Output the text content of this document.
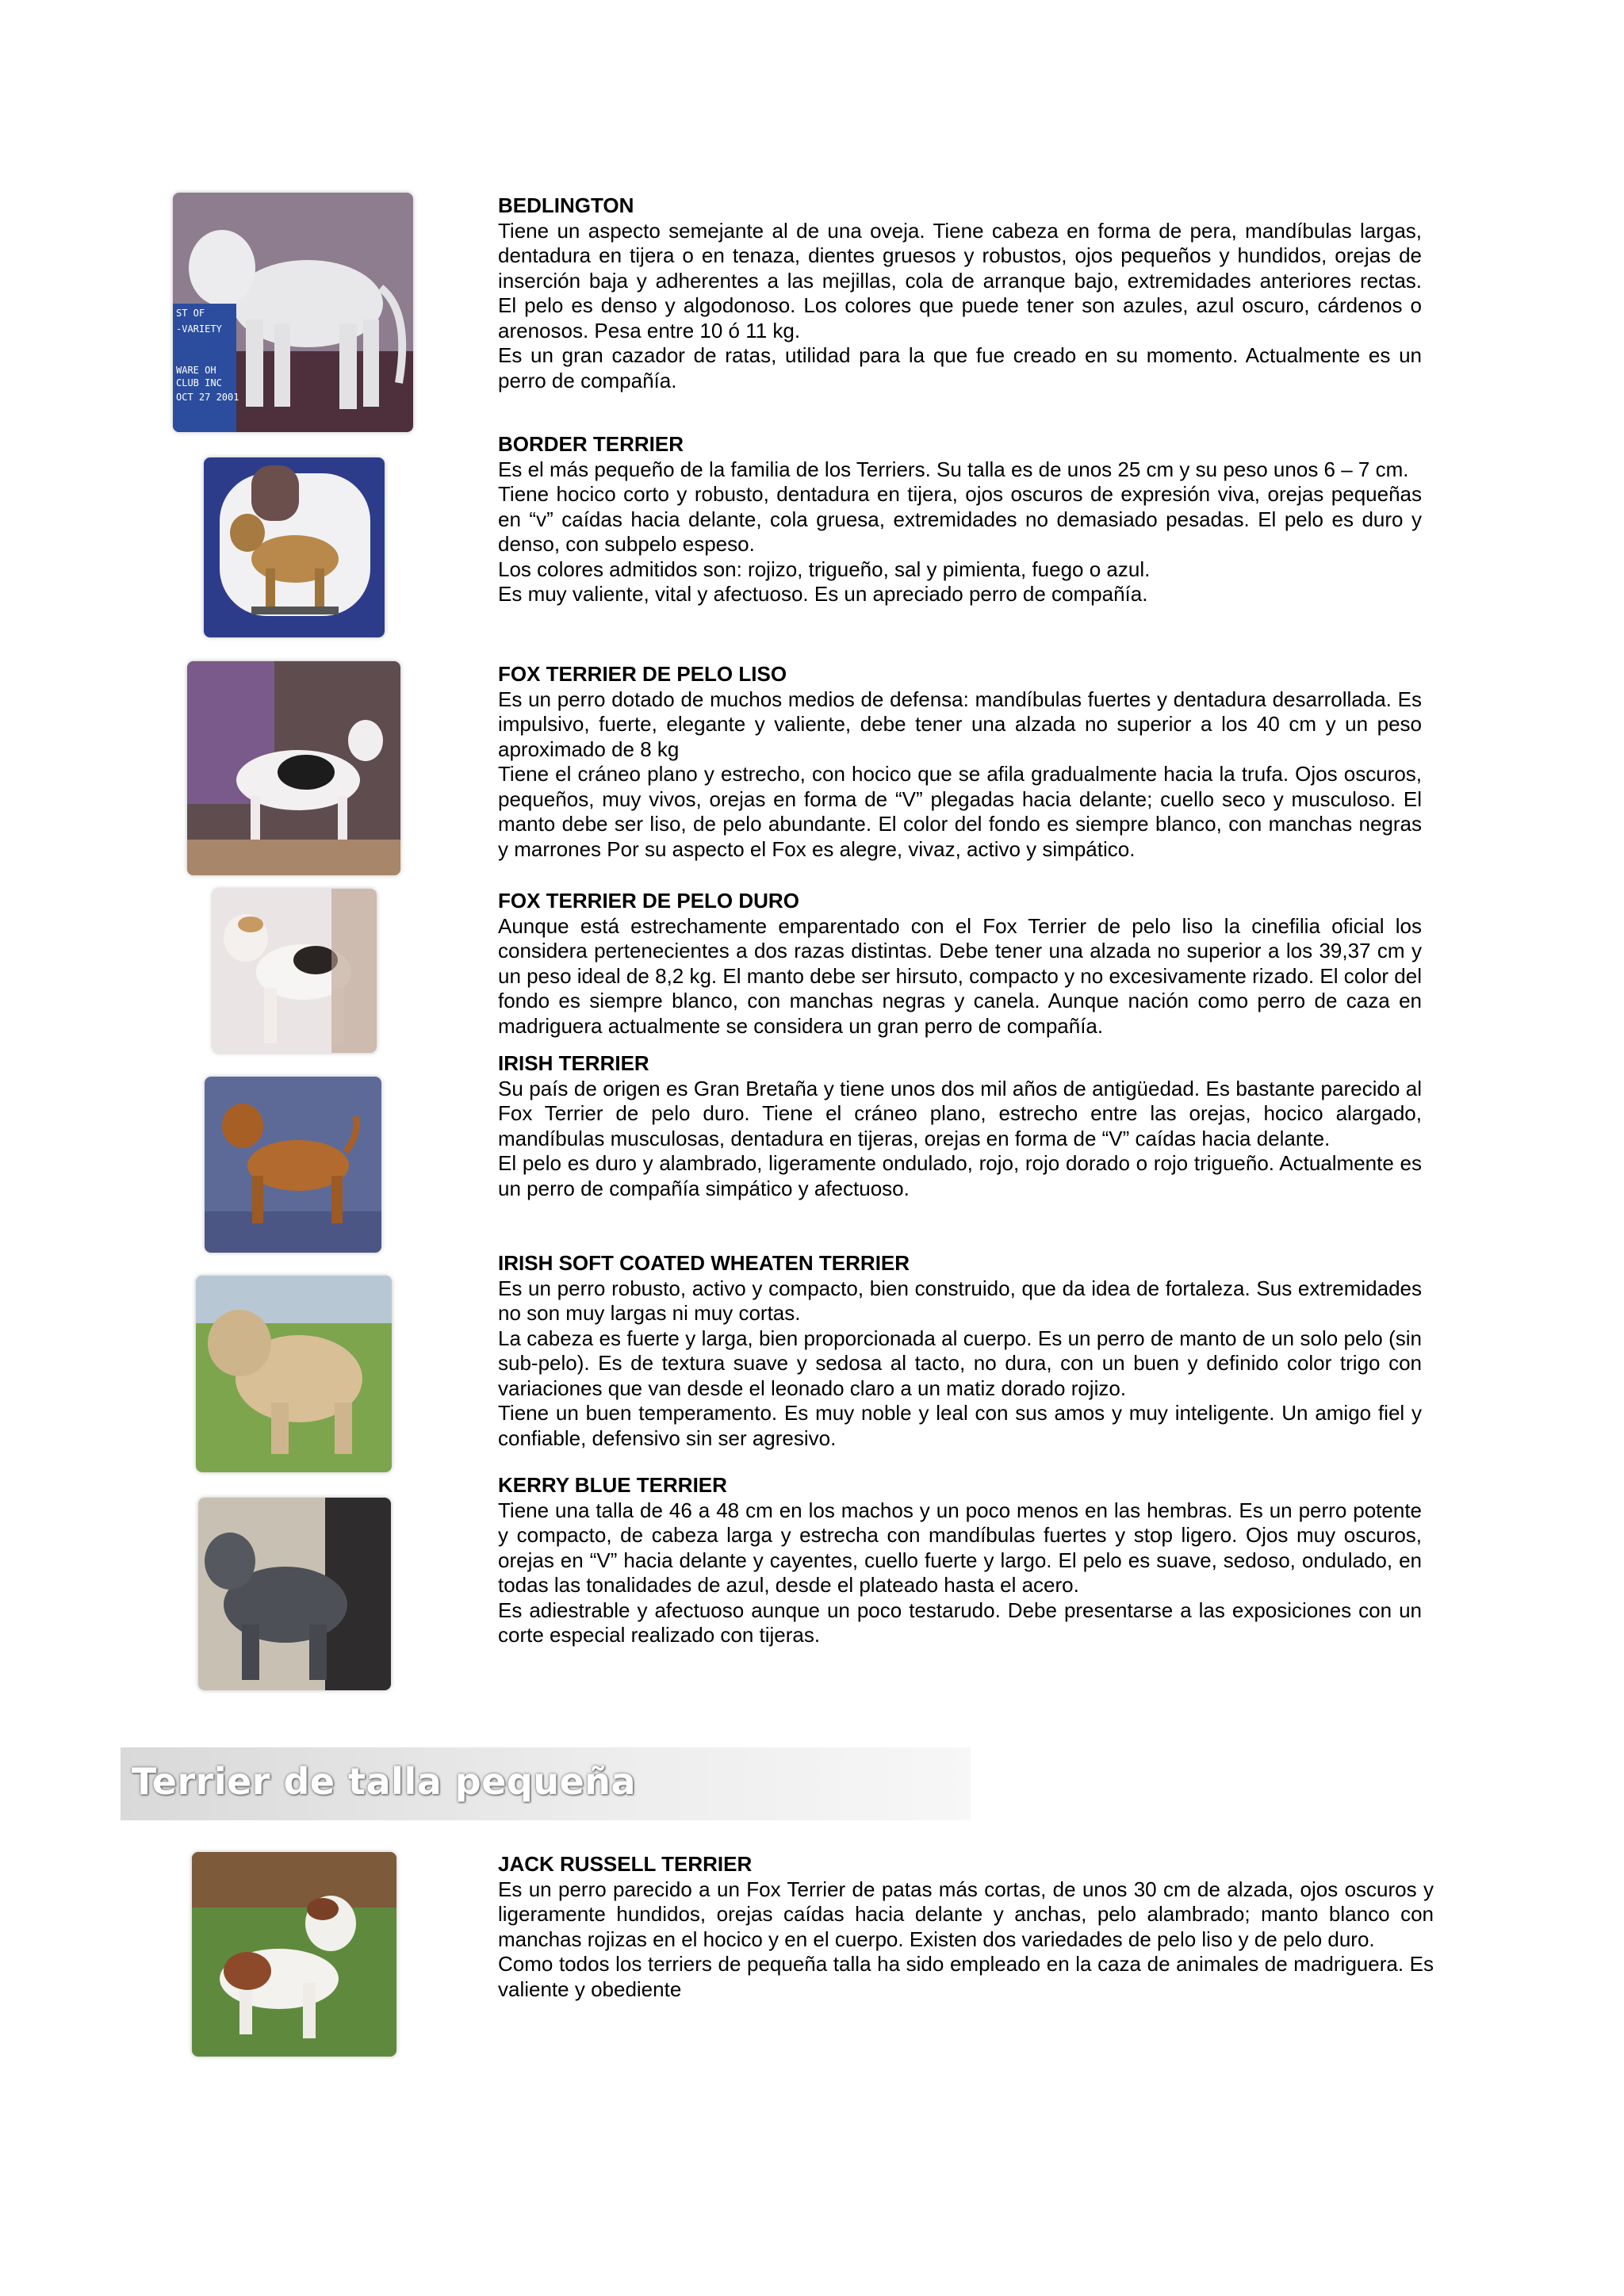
ST OF
-VARIETY
WARE OH
CLUB INC
OCT 27 2001
BEDLINGTON

Tiene un aspecto semejante al de una oveja. Tiene cabeza en forma de pera, mandíbulas largas, dentadura en tijera o en tenaza, dientes gruesos y robustos, ojos pequeños y hundidos, orejas de inserción baja y adherentes a las mejillas, cola de arranque bajo, extremidades anteriores rectas.

El pelo es denso y algodonoso. Los colores que puede tener son azules, azul oscuro, cárdenos o arenosos. Pesa entre 10 ó 11 kg.

Es un gran cazador de ratas, utilidad para la que fue creado en su momento. Actualmente es un perro de compañía.

BORDER TERRIER

Es el más pequeño de la familia de los Terriers. Su talla es de unos 25 cm y su peso unos 6 – 7 cm.

Tiene hocico corto y robusto, dentadura en tijera, ojos oscuros de expresión viva, orejas pequeñas en “v” caídas hacia delante, cola gruesa, extremidades no demasiado pesadas. El pelo es duro y denso, con subpelo espeso.

Los colores admitidos son: rojizo, trigueño, sal y pimienta, fuego o azul.

Es muy valiente, vital y afectuoso. Es un apreciado perro de compañía.

FOX TERRIER DE PELO LISO

Es un perro dotado de muchos medios de defensa: mandíbulas fuertes y dentadura desarrollada. Es impulsivo, fuerte, elegante y valiente, debe tener una alzada no superior a los 40 cm y un peso aproximado de 8 kg

Tiene el cráneo plano y estrecho, con hocico que se afila gradualmente hacia la trufa. Ojos oscuros, pequeños, muy vivos, orejas en forma de “V” plegadas hacia delante; cuello seco y musculoso. El manto debe ser liso, de pelo abundante. El color del fondo es siempre blanco, con manchas negras y marrones Por su aspecto el Fox es alegre, vivaz, activo y simpático.

FOX TERRIER DE PELO DURO

Aunque está estrechamente emparentado con el Fox Terrier de pelo liso la cinefilia oficial los considera pertenecientes a dos razas distintas. Debe tener una alzada no superior a los 39,37 cm y un peso ideal de 8,2 kg. El manto debe ser hirsuto, compacto y no excesivamente rizado. El color del fondo es siempre blanco, con manchas negras y canela. Aunque nación como perro de caza en madriguera actualmente se considera un gran perro de compañía.

IRISH TERRIER

Su país de origen es Gran Bretaña y tiene unos dos mil años de antigüedad. Es bastante parecido al Fox Terrier de pelo duro. Tiene el cráneo plano, estrecho entre las orejas, hocico alargado, mandíbulas musculosas, dentadura en tijeras, orejas en forma de “V” caídas hacia delante.

El pelo es duro y alambrado, ligeramente ondulado, rojo, rojo dorado o rojo trigueño. Actualmente es un perro de compañía simpático y afectuoso.

IRISH SOFT COATED WHEATEN TERRIER

Es un perro robusto, activo y compacto, bien construido, que da idea de fortaleza. Sus extremidades no son muy largas ni muy cortas.

La cabeza es fuerte y larga, bien proporcionada al cuerpo. Es un perro de manto de un solo pelo (sin sub-pelo). Es de textura suave y sedosa al tacto, no dura, con un buen y definido color trigo con variaciones que van desde el leonado claro a un matiz dorado rojizo.

Tiene un buen temperamento. Es muy noble y leal con sus amos y muy inteligente. Un amigo fiel y confiable, defensivo sin ser agresivo.

KERRY BLUE TERRIER

Tiene una talla de 46 a 48 cm en los machos y un poco menos en las hembras. Es un perro potente y compacto, de cabeza larga y estrecha con mandíbulas fuertes y stop ligero. Ojos muy oscuros, orejas en “V” hacia delante y cayentes, cuello fuerte y largo. El pelo es suave, sedoso, ondulado, en todas las tonalidades de azul, desde el plateado hasta el acero.

Es adiestrable y afectuoso aunque un poco testarudo. Debe presentarse a las exposiciones con un corte especial realizado con tijeras.

Terrier de talla pequeña
JACK RUSSELL TERRIER

Es un perro parecido a un Fox Terrier de patas más cortas, de unos 30 cm de alzada, ojos oscuros y ligeramente hundidos, orejas caídas hacia delante y anchas, pelo alambrado; manto blanco con manchas rojizas en el hocico y en el cuerpo. Existen dos variedades de pelo liso y de pelo duro.

Como todos los terriers de pequeña talla ha sido empleado en la caza de animales de madriguera. Es valiente y obediente
